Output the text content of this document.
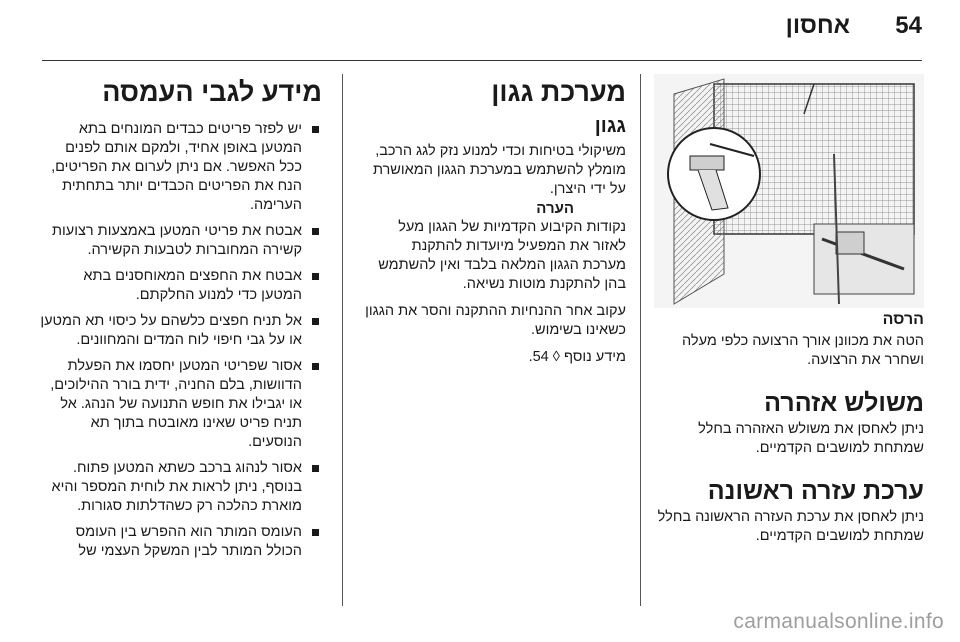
54
אחסון
הרסה

הטה את מכוונן אורך הרצועה כלפי מעלה ושחרר את הרצועה.

משולש אזהרה

ניתן לאחסן את משולש האזהרה בחלל שמתחת למושבים הקדמיים.

ערכת עזרה ראשונה

ניתן לאחסן את ערכת העזרה הראשונה בחלל שמתחת למושבים הקדמיים.

מערכת גגון
גגון

משיקולי בטיחות וכדי למנוע נזק לגג הרכב, מומלץ להשתמש במערכת הגגון המאושרת על ידי היצרן.

הערה

נקודות הקיבוע הקדמיות של הגגון מעל לאזור את המפעיל מיועדות להתקנת מערכת הגגון המלאה בלבד ואין להשתמש בהן להתקנת מוטות נשיאה.

עקוב אחר ההנחיות ההתקנה והסר את הגגון כשאינו בשימוש.

מידע נוסף ◊ 54.

מידע לגבי העמסה
יש לפזר פריטים כבדים המונחים בתא המטען באופן אחיד, ולמקם אותם לפנים ככל האפשר. אם ניתן לערום את הפריטים, הנח את הפריטים הכבדים יותר בתחתית הערימה.
אבטח את פריטי המטען באמצעות רצועות קשירה המחוברות לטבעות הקשירה.
אבטח את החפצים המאוחסנים בתא המטען כדי למנוע החלקתם.
אל תניח חפצים כלשהם על כיסוי תא המטען או על גבי חיפוי לוח המדים והמחוונים.
אסור שפריטי המטען יחסמו את הפעלת הדוושות, בלם החניה, ידית בורר ההילוכים, או יגבילו את חופש התנועה של הנהג. אל תניח פריט שאינו מאובטח בתוך תא הנוסעים.
אסור לנהוג ברכב כשתא המטען פתוח. בנוסף, ניתן לראות את לוחית המספר והיא מוארת כהלכה רק כשהדלתות סגורות.
העומס המותר הוא ההפרש בין העומס הכולל המותר לבין המשקל העצמי של
carmanualsonline.info
